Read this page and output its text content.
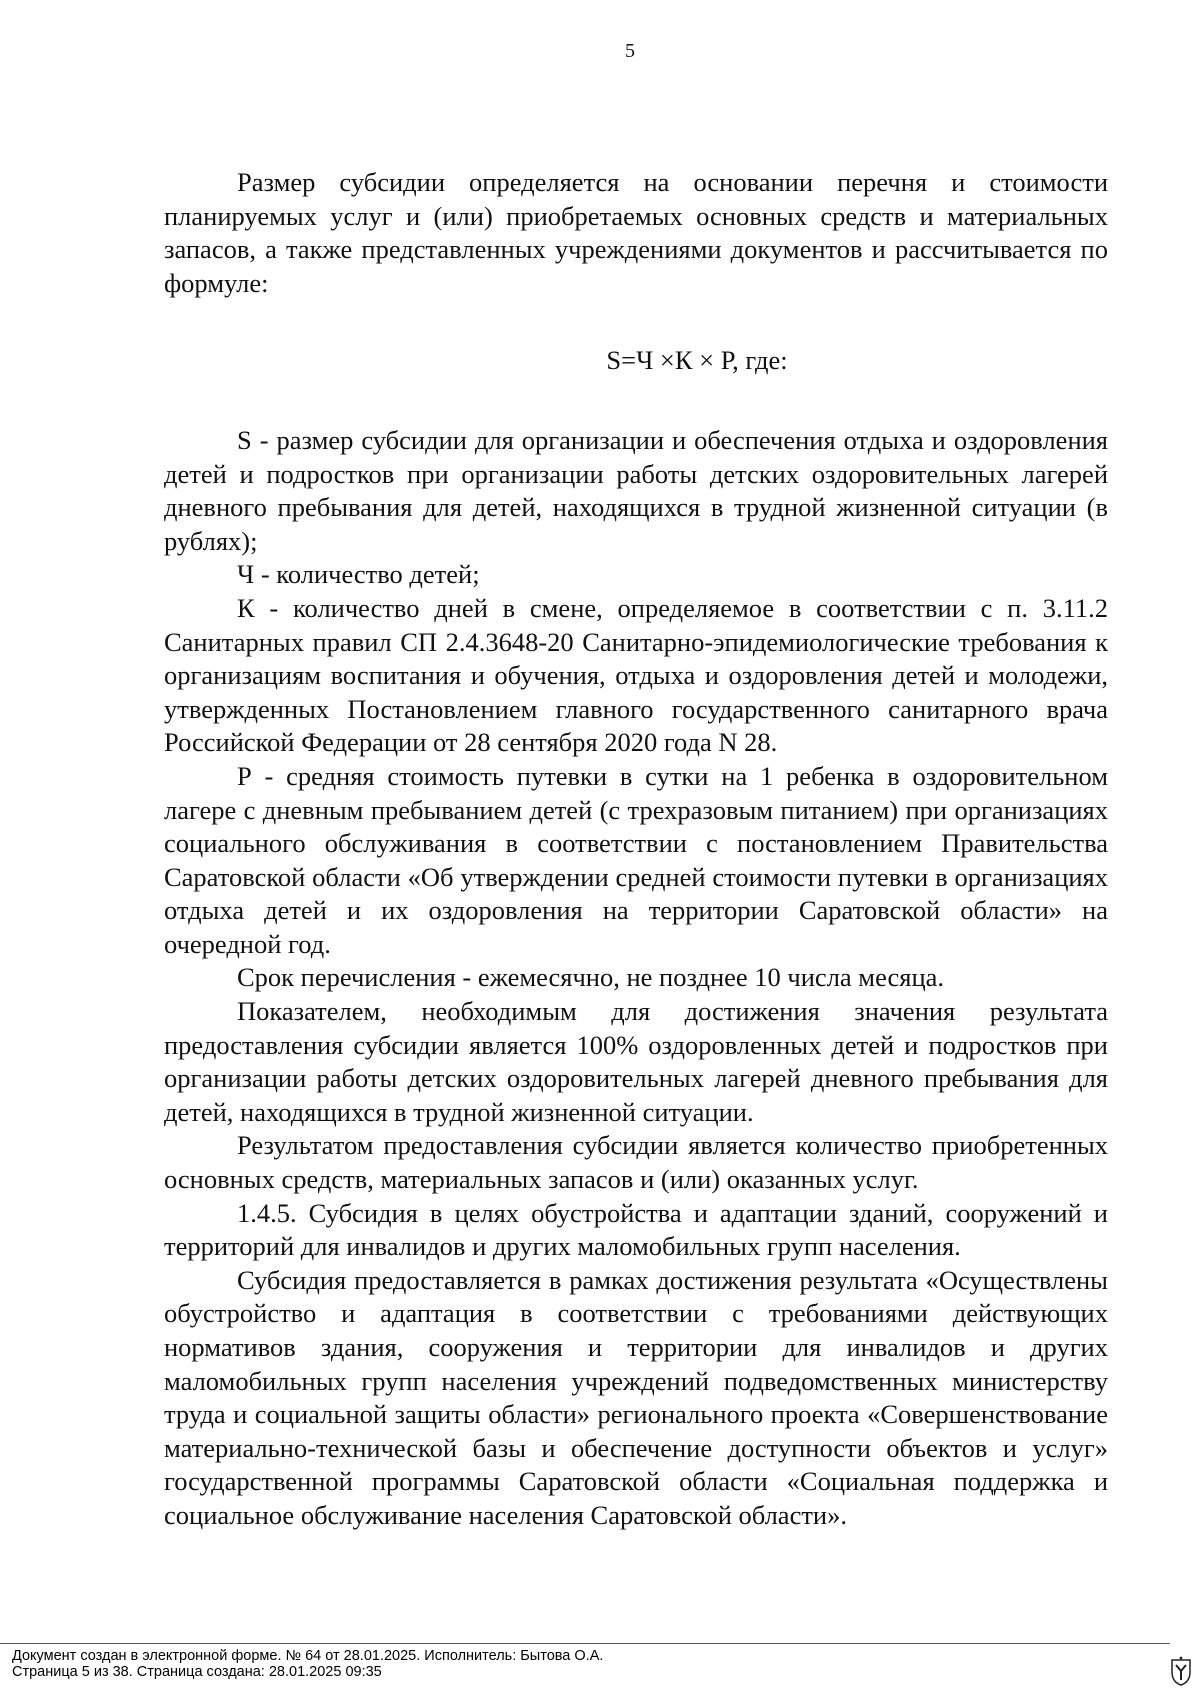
5

Размер субсидии определяется на основании перечня и стоимости планируемых услуг и (или) приобретаемых основных средств и материальных запасов, а также представленных учреждениями документов и рассчитывается по формуле:

S=Ч ×К × Р, где:

S - размер субсидии для организации и обеспечения отдыха и оздоровления детей и подростков при организации работы детских оздоровительных лагерей дневного пребывания для детей, находящихся в трудной жизненной ситуации (в рублях);

Ч - количество детей;

К - количество дней в смене, определяемое в соответствии с п. 3.11.2 Санитарных правил СП 2.4.3648-20 Санитарно-эпидемиологические требования к организациям воспитания и обучения, отдыха и оздоровления детей и молодежи, утвержденных Постановлением главного государственного санитарного врача Российской Федерации от 28 сентября 2020 года N 28.

Р - средняя стоимость путевки в сутки на 1 ребенка в оздоровительном лагере с дневным пребыванием детей (с трехразовым питанием) при организациях социального обслуживания в соответствии с постановлением Правительства Саратовской области «Об утверждении средней стоимости путевки в организациях отдыха детей и их оздоровления на территории Саратовской области» на очередной год.

Срок перечисления - ежемесячно, не позднее 10 числа месяца.

Показателем, необходимым для достижения значения результата предоставления субсидии является 100% оздоровленных детей и подростков при организации работы детских оздоровительных лагерей дневного пребывания для детей, находящихся в трудной жизненной ситуации.

Результатом предоставления субсидии является количество приобретенных основных средств, материальных запасов и (или) оказанных услуг.

1.4.5. Субсидия в целях обустройства и адаптации зданий, сооружений и территорий для инвалидов и других маломобильных групп населения.

Субсидия предоставляется в рамках достижения результата «Осуществлены обустройство и адаптация в соответствии с требованиями действующих нормативов здания, сооружения и территории для инвалидов и других маломобильных групп населения учреждений подведомственных министерству труда и социальной защиты области» регионального проекта «Совершенствование материально-технической базы и обеспечение доступности объектов и услуг» государственной программы Саратовской области «Социальная поддержка и социальное обслуживание населения Саратовской области».

Документ создан в электронной форме. № 64 от 28.01.2025. Исполнитель: Бытова О.А.
Страница 5 из 38. Страница создана: 28.01.2025 09:35
